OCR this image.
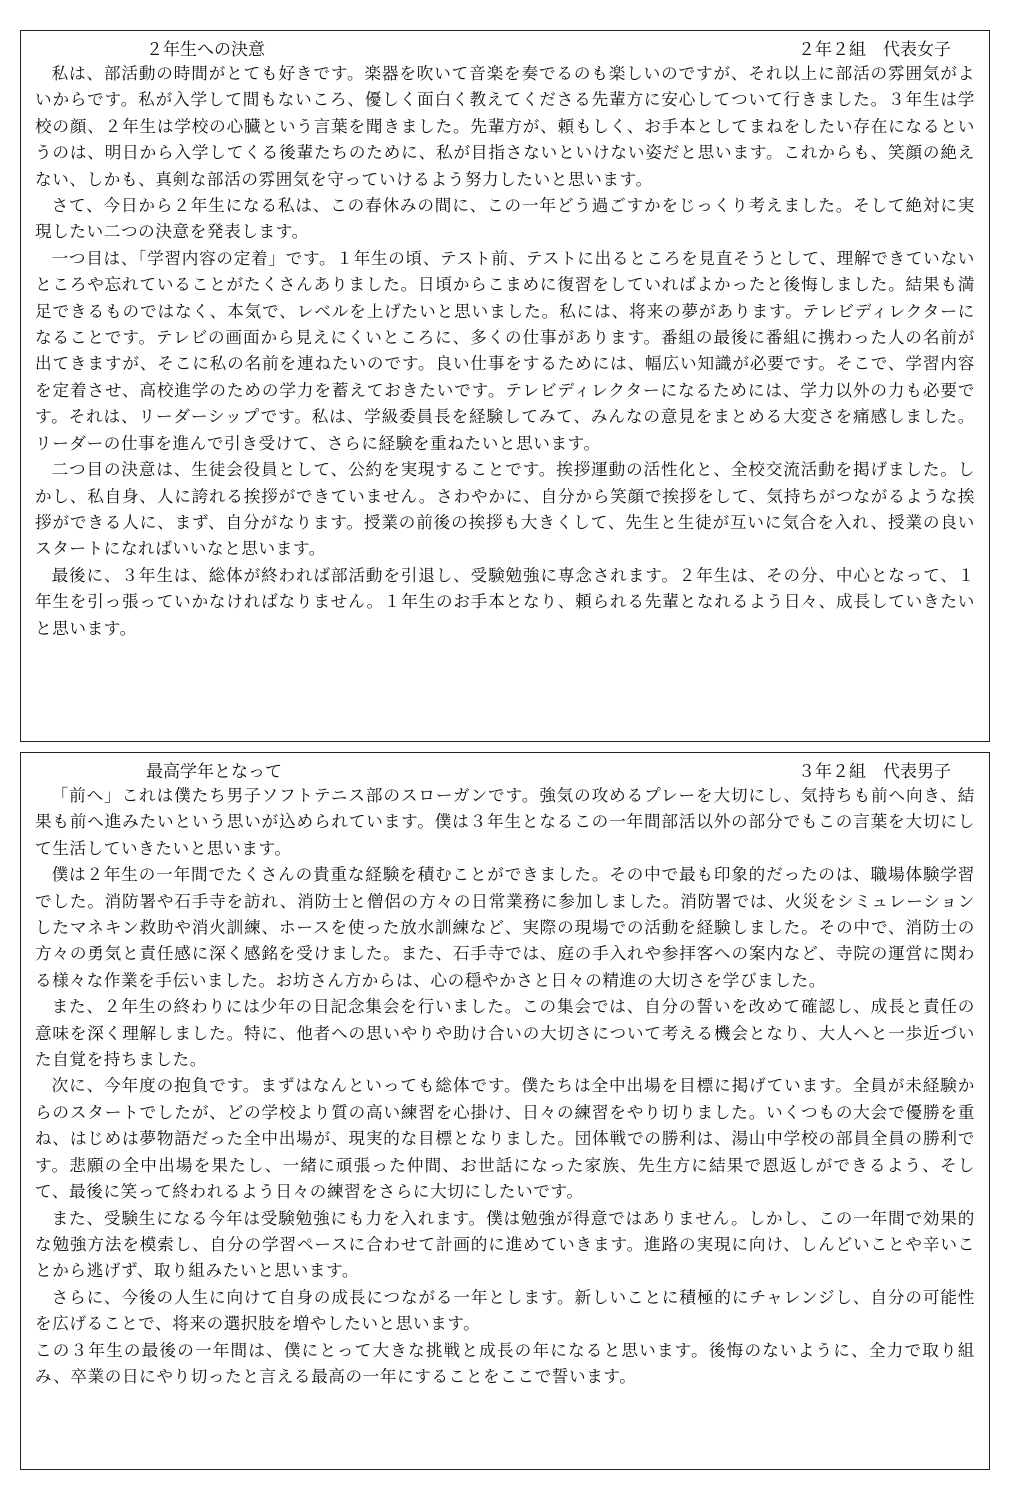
２年生への決意	２年２組　代表女子

私は、部活動の時間がとても好きです。楽器を吹いて音楽を奏でるのも楽しいのですが、それ以上に部活の雰囲気がよいからです。私が入学して間もないころ、優しく面白く教えてくださる先輩方に安心してついて行きました。３年生は学校の顔、２年生は学校の心臓という言葉を聞きました。先輩方が、頼もしく、お手本としてまねをしたい存在になるというのは、明日から入学してくる後輩たちのために、私が目指さないといけない姿だと思います。これからも、笑顔の絶えない、しかも、真剣な部活の雰囲気を守っていけるよう努力したいと思います。

さて、今日から２年生になる私は、この春休みの間に、この一年どう過ごすかをじっくり考えました。そして絶対に実現したい二つの決意を発表します。

一つ目は、「学習内容の定着」です。１年生の頃、テスト前、テストに出るところを見直そうとして、理解できていないところや忘れていることがたくさんありました。日頃からこまめに復習をしていればよかったと後悔しました。結果も満足できるものではなく、本気で、レベルを上げたいと思いました。私には、将来の夢があります。テレビディレクターになることです。テレビの画面から見えにくいところに、多くの仕事があります。番組の最後に番組に携わった人の名前が出てきますが、そこに私の名前を連ねたいのです。良い仕事をするためには、幅広い知識が必要です。そこで、学習内容を定着させ、高校進学のための学力を蓄えておきたいです。テレビディレクターになるためには、学力以外の力も必要です。それは、リーダーシップです。私は、学級委員長を経験してみて、みんなの意見をまとめる大変さを痛感しました。リーダーの仕事を進んで引き受けて、さらに経験を重ねたいと思います。

二つ目の決意は、生徒会役員として、公約を実現することです。挨拶運動の活性化と、全校交流活動を掲げました。しかし、私自身、人に誇れる挨拶ができていません。さわやかに、自分から笑顔で挨拶をして、気持ちがつながるような挨拶ができる人に、まず、自分がなります。授業の前後の挨拶も大きくして、先生と生徒が互いに気合を入れ、授業の良いスタートになればいいなと思います。

最後に、３年生は、総体が終われば部活動を引退し、受験勉強に専念されます。２年生は、その分、中心となって、１年生を引っ張っていかなければなりません。１年生のお手本となり、頼られる先輩となれるよう日々、成長していきたいと思います。

最高学年となって	３年２組　代表男子

「前へ」これは僕たち男子ソフトテニス部のスローガンです。強気の攻めるプレーを大切にし、気持ちも前へ向き、結果も前へ進みたいという思いが込められています。僕は３年生となるこの一年間部活以外の部分でもこの言葉を大切にして生活していきたいと思います。

僕は２年生の一年間でたくさんの貴重な経験を積むことができました。その中で最も印象的だったのは、職場体験学習でした。消防署や石手寺を訪れ、消防士と僧侶の方々の日常業務に参加しました。消防署では、火災をシミュレーションしたマネキン救助や消火訓練、ホースを使った放水訓練など、実際の現場での活動を経験しました。その中で、消防士の方々の勇気と責任感に深く感銘を受けました。また、石手寺では、庭の手入れや参拝客への案内など、寺院の運営に関わる様々な作業を手伝いました。お坊さん方からは、心の穏やかさと日々の精進の大切さを学びました。

また、２年生の終わりには少年の日記念集会を行いました。この集会では、自分の誓いを改めて確認し、成長と責任の意味を深く理解しました。特に、他者への思いやりや助け合いの大切さについて考える機会となり、大人へと一歩近づいた自覚を持ちました。

次に、今年度の抱負です。まずはなんといっても総体です。僕たちは全中出場を目標に掲げています。全員が未経験からのスタートでしたが、どの学校より質の高い練習を心掛け、日々の練習をやり切りました。いくつもの大会で優勝を重ね、はじめは夢物語だった全中出場が、現実的な目標となりました。団体戦での勝利は、湯山中学校の部員全員の勝利です。悲願の全中出場を果たし、一緒に頑張った仲間、お世話になった家族、先生方に結果で恩返しができるよう、そして、最後に笑って終われるよう日々の練習をさらに大切にしたいです。

また、受験生になる今年は受験勉強にも力を入れます。僕は勉強が得意ではありません。しかし、この一年間で効果的な勉強方法を模索し、自分の学習ペースに合わせて計画的に進めていきます。進路の実現に向け、しんどいことや辛いことから逃げず、取り組みたいと思います。

さらに、今後の人生に向けて自身の成長につながる一年とします。新しいことに積極的にチャレンジし、自分の可能性を広げることで、将来の選択肢を増やしたいと思います。

この３年生の最後の一年間は、僕にとって大きな挑戦と成長の年になると思います。後悔のないように、全力で取り組み、卒業の日にやり切ったと言える最高の一年にすることをここで誓います。
